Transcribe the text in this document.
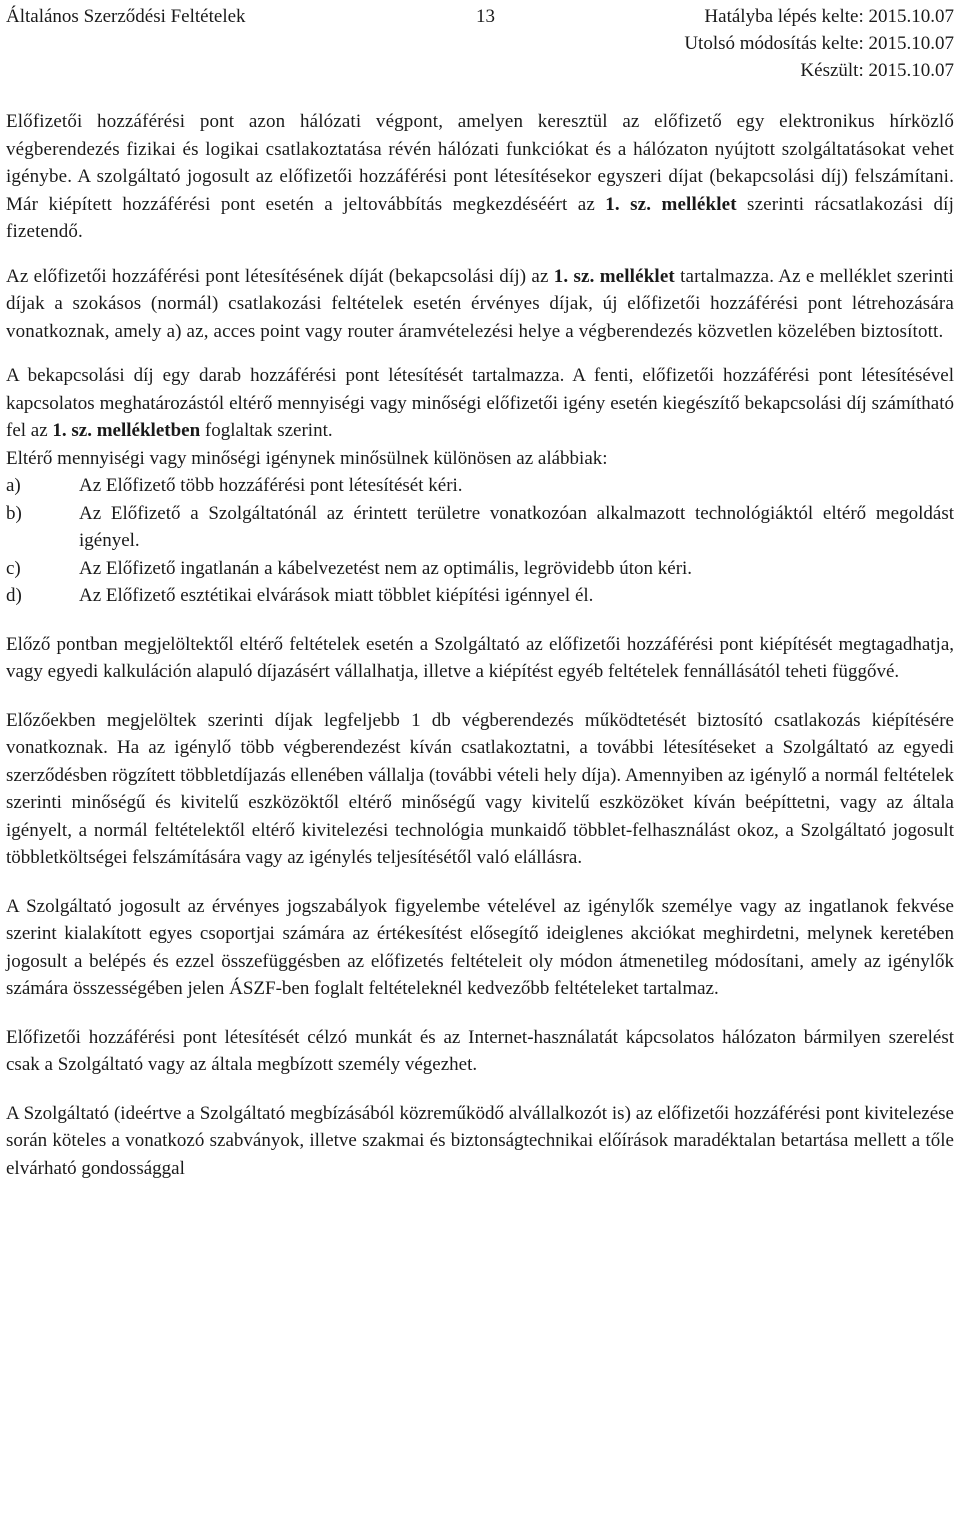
Általános Szerződési Feltételek	13	Hatályba lépés kelte: 2015.10.07
Utolsó módosítás kelte: 2015.10.07
Készült: 2015.10.07

Előfizetői hozzáférési pont azon hálózati végpont, amelyen keresztül az előfizető egy elektronikus hírközlő végberendezés fizikai és logikai csatlakoztatása révén hálózati funkciókat és a hálózaton nyújtott szolgáltatásokat vehet igénybe. A szolgáltató jogosult az előfizetői hozzáférési pont létesítésekor egyszeri díjat (bekapcsolási díj) felszámítani. Már kiépített hozzáférési pont esetén a jeltovábbítás megkezdéséért az 1. sz. melléklet szerinti rácsatlakozási díj fizetendő.

Az előfizetői hozzáférési pont létesítésének díját (bekapcsolási díj) az 1. sz. melléklet tartalmazza. Az e melléklet szerinti díjak a szokásos (normál) csatlakozási feltételek esetén érvényes díjak, új előfizetői hozzáférési pont létrehozására vonatkoznak, amely a) az, acces point vagy router áramvételezési helye a végberendezés közvetlen közelében biztosított.

A bekapcsolási díj egy darab hozzáférési pont létesítését tartalmazza. A fenti, előfizetői hozzáférési pont létesítésével kapcsolatos meghatározástól eltérő mennyiségi vagy minőségi előfizetői igény esetén kiegészítő bekapcsolási díj számítható fel az 1. sz. mellékletben foglaltak szerint.

Eltérő mennyiségi vagy minőségi igénynek minősülnek különösen az alábbiak:

a)	Az Előfizető több hozzáférési pont létesítését kéri.
b)	Az Előfizető a Szolgáltatónál az érintett területre vonatkozóan alkalmazott technológiáktól eltérő megoldást igényel.
c)	Az Előfizető ingatlanán a kábelvezetést nem az optimális, legrövidebb úton kéri.
d)	Az Előfizető esztétikai elvárások miatt többlet kiépítési igénnyel él.

Előző pontban megjelöltektől eltérő feltételek esetén a Szolgáltató az előfizetői hozzáférési pont kiépítését megtagadhatja, vagy egyedi kalkuláción alapuló díjazásért vállalhatja, illetve a kiépítést egyéb feltételek fennállásától teheti függővé.

Előzőekben megjelöltek szerinti díjak legfeljebb 1 db végberendezés működtetését biztosító csatlakozás kiépítésére vonatkoznak. Ha az igénylő több végberendezést kíván csatlakoztatni, a további létesítéseket a Szolgáltató az egyedi szerződésben rögzített többletdíjazás ellenében vállalja (további vételi hely díja). Amennyiben az igénylő a normál feltételek szerinti minőségű és kivitelű eszközöktől eltérő minőségű vagy kivitelű eszközöket kíván beépíttetni, vagy az általa igényelt, a normál feltételektől eltérő kivitelezési technológia munkaidő többlet-felhasználást okoz, a Szolgáltató jogosult többletköltségei felszámítására vagy az igénylés teljesítésétől való elállásra.

A Szolgáltató jogosult az érvényes jogszabályok figyelembe vételével az igénylők személye vagy az ingatlanok fekvése szerint kialakított egyes csoportjai számára az értékesítést elősegítő ideiglenes akciókat meghirdetni, melynek keretében jogosult a belépés és ezzel összefüggésben az előfizetés feltételeit oly módon átmenetileg módosítani, amely az igénylők számára összességében jelen ÁSZF-ben foglalt feltételeknél kedvezőbb feltételeket tartalmaz.

Előfizetői hozzáférési pont létesítését célzó munkát és az Internet-használatát kápcsolatos hálózaton bármilyen szerelést csak a Szolgáltató vagy az általa megbízott személy végezhet.

A Szolgáltató (ideértve a Szolgáltató megbízásából közreműködő alvállalkozót is) az előfizetői hozzáférési pont kivitelezése során köteles a vonatkozó szabványok, illetve szakmai és biztonságtechnikai előírások maradéktalan betartása mellett a tőle elvárható gondossággal
